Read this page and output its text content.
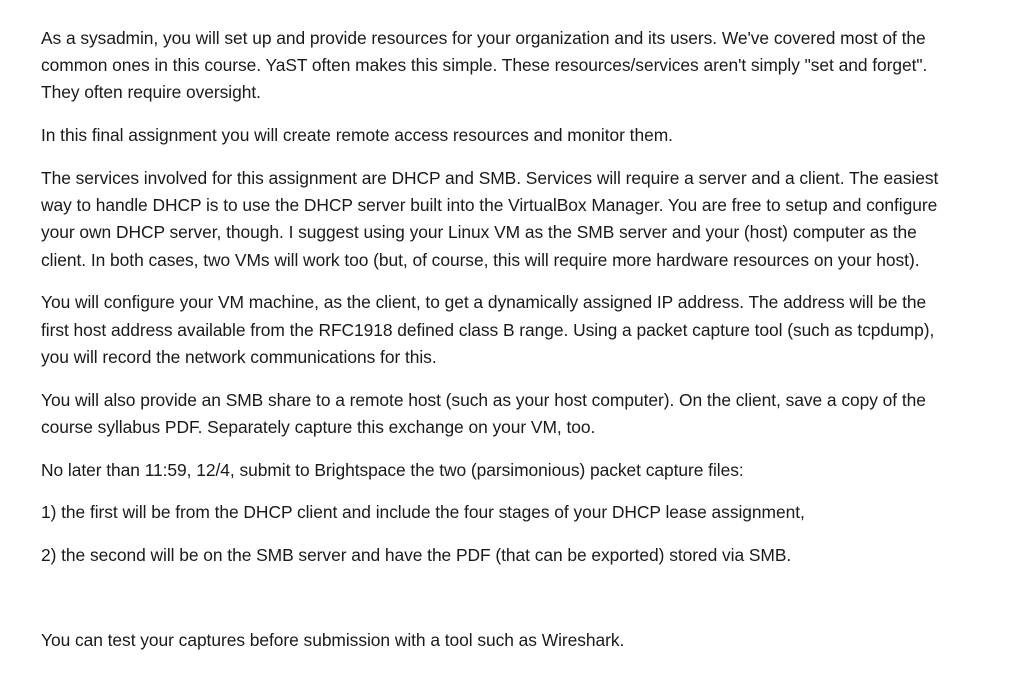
As a sysadmin, you will set up and provide resources for your organization and its users. We've covered most of the common ones in this course. YaST often makes this simple. These resources/services aren't simply "set and forget". They often require oversight.

In this final assignment you will create remote access resources and monitor them.

The services involved for this assignment are DHCP and SMB. Services will require a server and a client. The easiest way to handle DHCP is to use the DHCP server built into the VirtualBox Manager. You are free to setup and configure your own DHCP server, though. I suggest using your Linux VM as the SMB server and your (host) computer as the client. In both cases, two VMs will work too (but, of course, this will require more hardware resources on your host).

You will configure your VM machine, as the client, to get a dynamically assigned IP address. The address will be the first host address available from the RFC1918 defined class B range. Using a packet capture tool (such as tcpdump), you will record the network communications for this.

You will also provide an SMB share to a remote host (such as your host computer). On the client, save a copy of the course syllabus PDF. Separately capture this exchange on your VM, too.

No later than 11:59, 12/4, submit to Brightspace the two (parsimonious) packet capture files:

1) the first will be from the DHCP client and include the four stages of your DHCP lease assignment,

2) the second will be on the SMB server and have the PDF (that can be exported) stored via SMB.

You can test your captures before submission with a tool such as Wireshark.
